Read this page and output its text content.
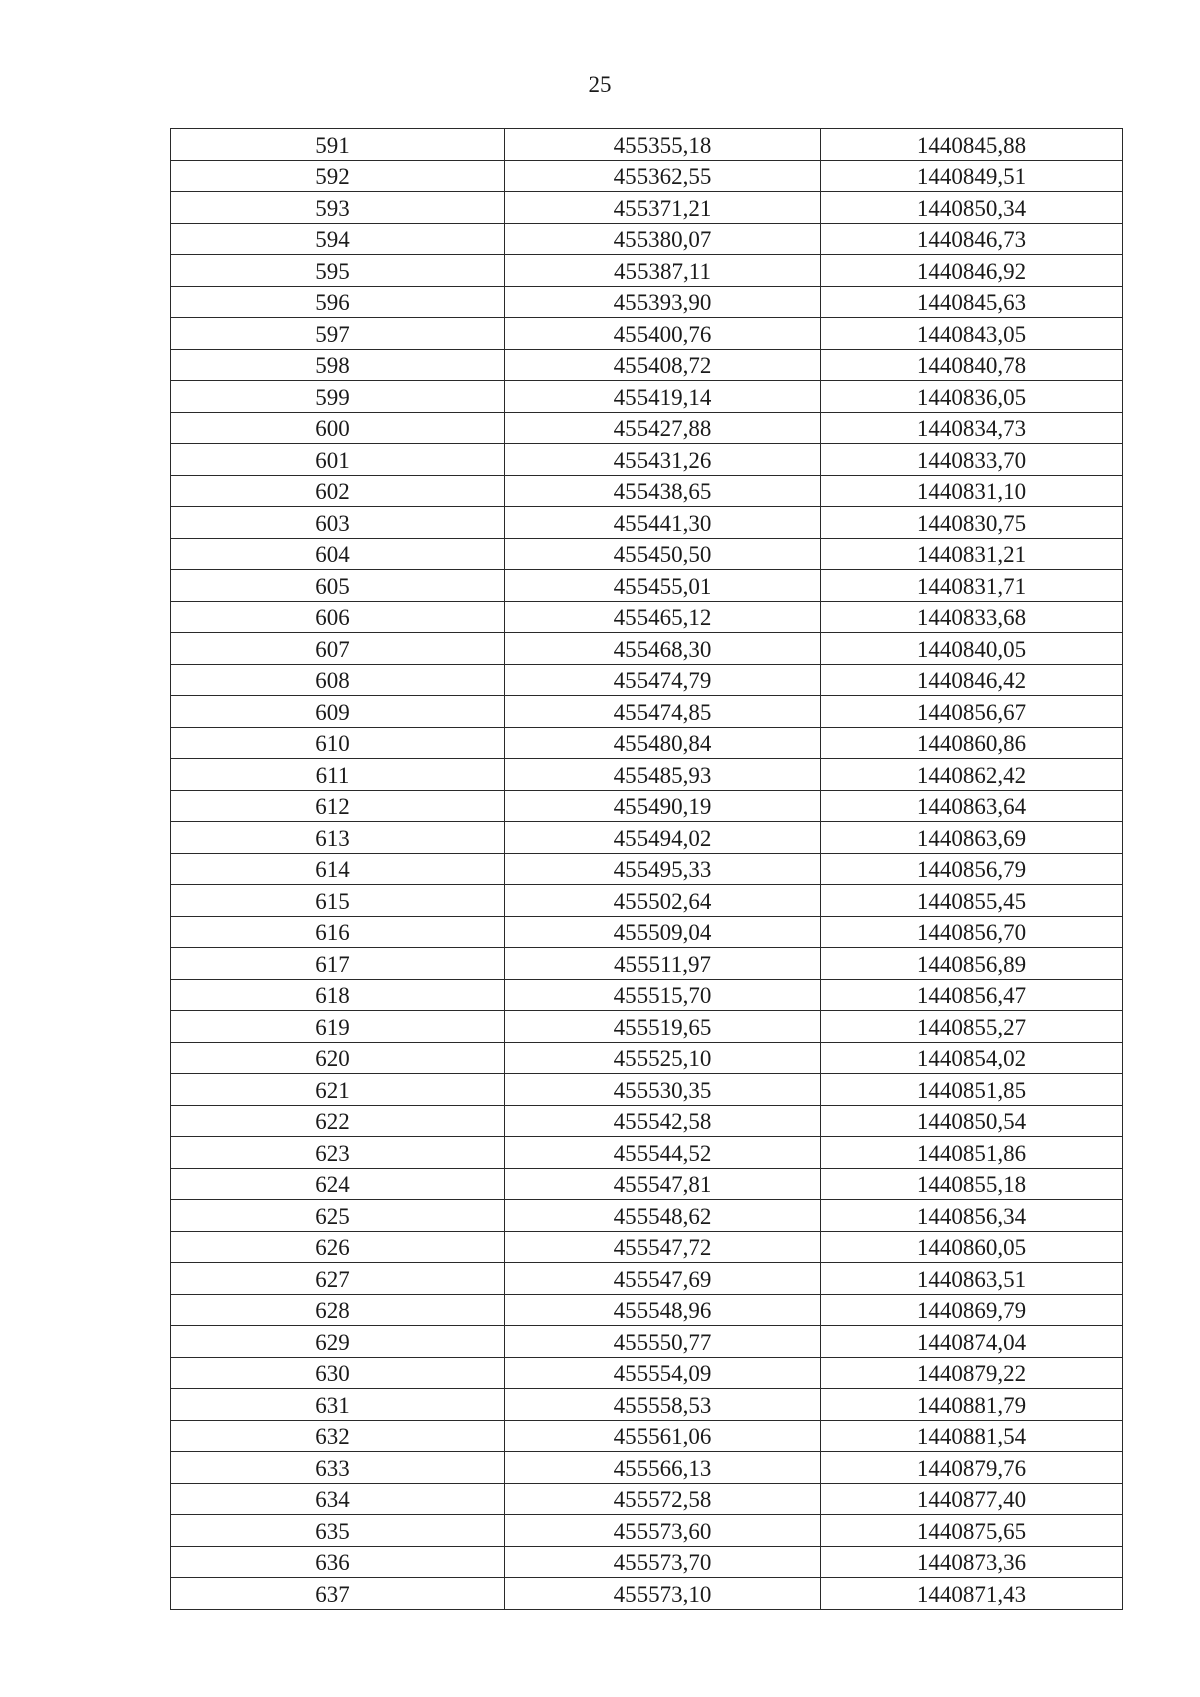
25
591	455355,18	1440845,88
592	455362,55	1440849,51
593	455371,21	1440850,34
594	455380,07	1440846,73
595	455387,11	1440846,92
596	455393,90	1440845,63
597	455400,76	1440843,05
598	455408,72	1440840,78
599	455419,14	1440836,05
600	455427,88	1440834,73
601	455431,26	1440833,70
602	455438,65	1440831,10
603	455441,30	1440830,75
604	455450,50	1440831,21
605	455455,01	1440831,71
606	455465,12	1440833,68
607	455468,30	1440840,05
608	455474,79	1440846,42
609	455474,85	1440856,67
610	455480,84	1440860,86
611	455485,93	1440862,42
612	455490,19	1440863,64
613	455494,02	1440863,69
614	455495,33	1440856,79
615	455502,64	1440855,45
616	455509,04	1440856,70
617	455511,97	1440856,89
618	455515,70	1440856,47
619	455519,65	1440855,27
620	455525,10	1440854,02
621	455530,35	1440851,85
622	455542,58	1440850,54
623	455544,52	1440851,86
624	455547,81	1440855,18
625	455548,62	1440856,34
626	455547,72	1440860,05
627	455547,69	1440863,51
628	455548,96	1440869,79
629	455550,77	1440874,04
630	455554,09	1440879,22
631	455558,53	1440881,79
632	455561,06	1440881,54
633	455566,13	1440879,76
634	455572,58	1440877,40
635	455573,60	1440875,65
636	455573,70	1440873,36
637	455573,10	1440871,43
